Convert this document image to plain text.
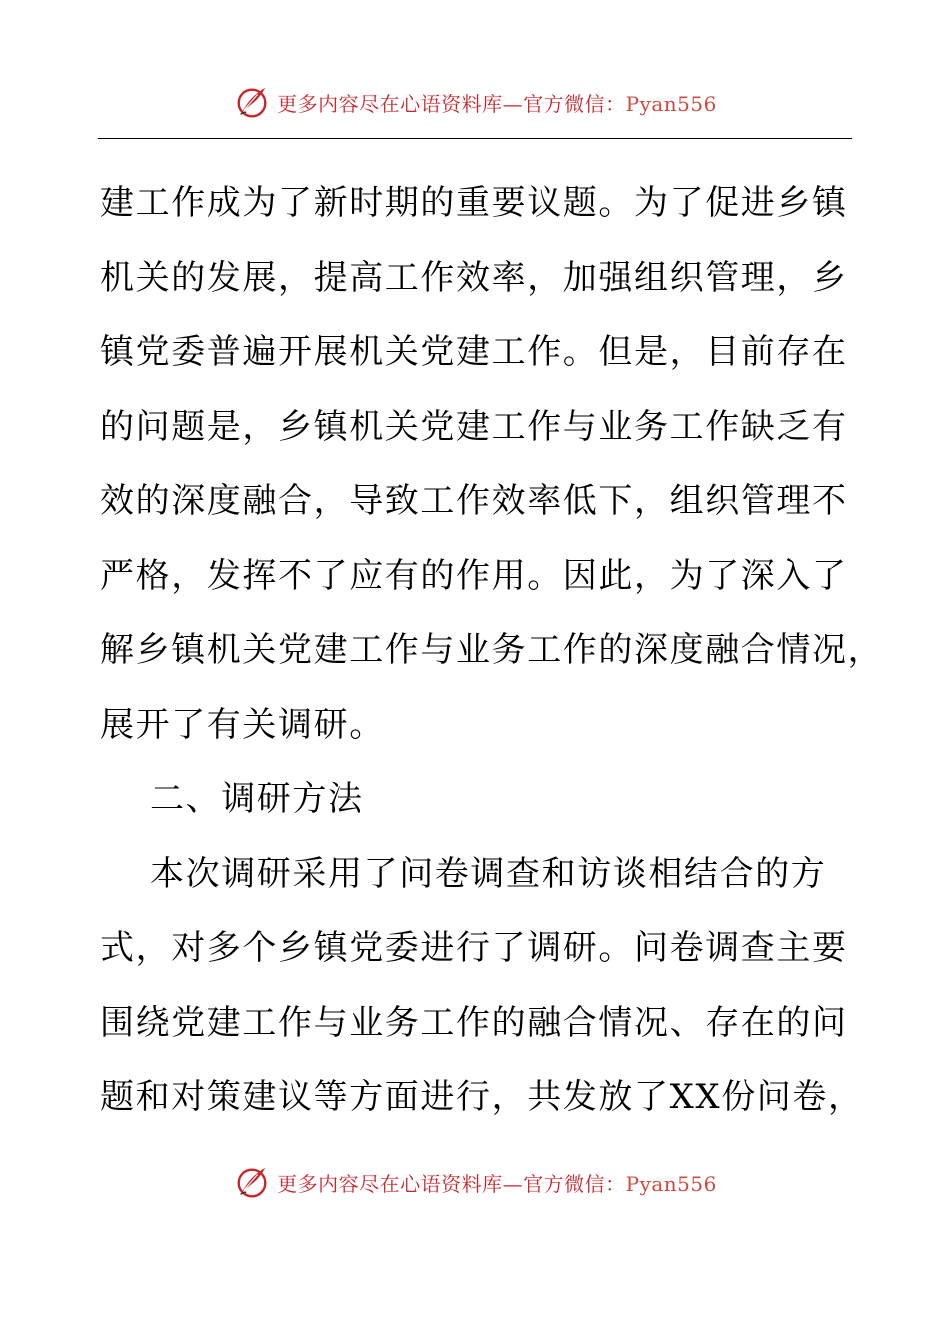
更多内容尽在心语资料库—官方微信：Pyan556
建工作成为了新时期的重要议题。为了促进乡镇
机关的发展，提高工作效率，加强组织管理，乡
镇党委普遍开展机关党建工作。但是，目前存在
的问题是，乡镇机关党建工作与业务工作缺乏有
效的深度融合，导致工作效率低下，组织管理不
严格，发挥不了应有的作用。因此，为了深入了
解乡镇机关党建工作与业务工作的深度融合情况，
展开了有关调研。
二、调研方法
本次调研采用了问卷调查和访谈相结合的方
式，对多个乡镇党委进行了调研。问卷调查主要
围绕党建工作与业务工作的融合情况、存在的问
题和对策建议等方面进行，共发放了XX份问卷，
更多内容尽在心语资料库—官方微信：Pyan556
